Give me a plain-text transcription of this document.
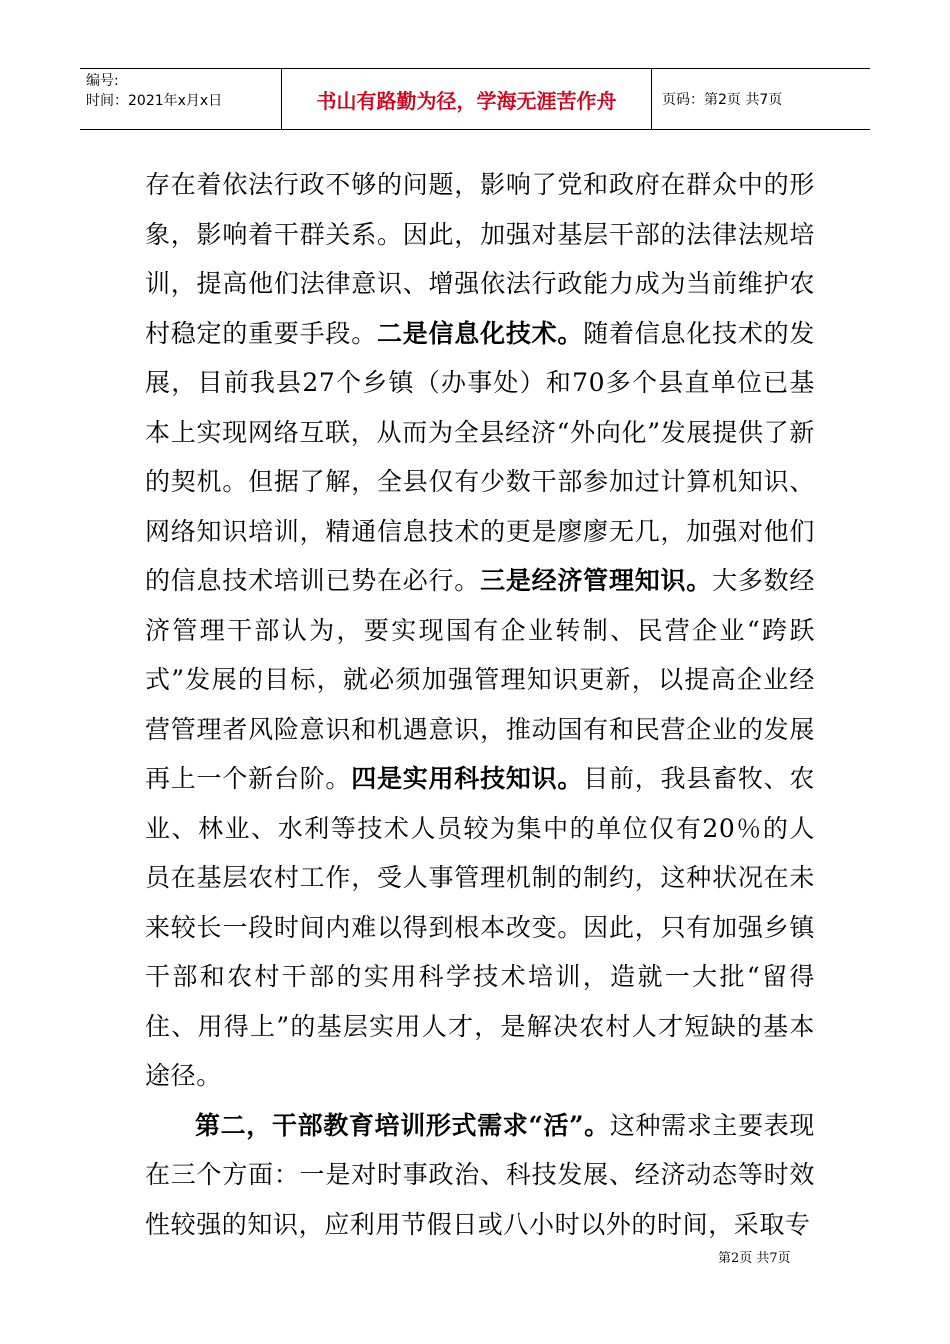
编号:
时间：2021年x月x日	书山有路勤为径，学海无涯苦作舟	页码：第2页 共7页

存在着依法行政不够的问题，影响了党和政府在群众中的形象，影响着干群关系。因此，加强对基层干部的法律法规培训，提高他们法律意识、增强依法行政能力成为当前维护农村稳定的重要手段。二是信息化技术。随着信息化技术的发展，目前我县27个乡镇（办事处）和70多个县直单位已基本上实现网络互联，从而为全县经济“外向化”发展提供了新的契机。但据了解，全县仅有少数干部参加过计算机知识、网络知识培训，精通信息技术的更是廖廖无几，加强对他们的信息技术培训已势在必行。三是经济管理知识。大多数经济管理干部认为，要实现国有企业转制、民营企业“跨跃式”发展的目标，就必须加强管理知识更新，以提高企业经营管理者风险意识和机遇意识，推动国有和民营企业的发展再上一个新台阶。四是实用科技知识。目前，我县畜牧、农业、林业、水利等技术人员较为集中的单位仅有20％的人员在基层农村工作，受人事管理机制的制约，这种状况在未来较长一段时间内难以得到根本改变。因此，只有加强乡镇干部和农村干部的实用科学技术培训，造就一大批“留得住、用得上”的基层实用人才，是解决农村人才短缺的基本途径。

第二，干部教育培训形式需求“活”。这种需求主要表现在三个方面：一是对时事政治、科技发展、经济动态等时效性较强的知识，应利用节假日或八小时以外的时间，采取专

第2页 共7页
